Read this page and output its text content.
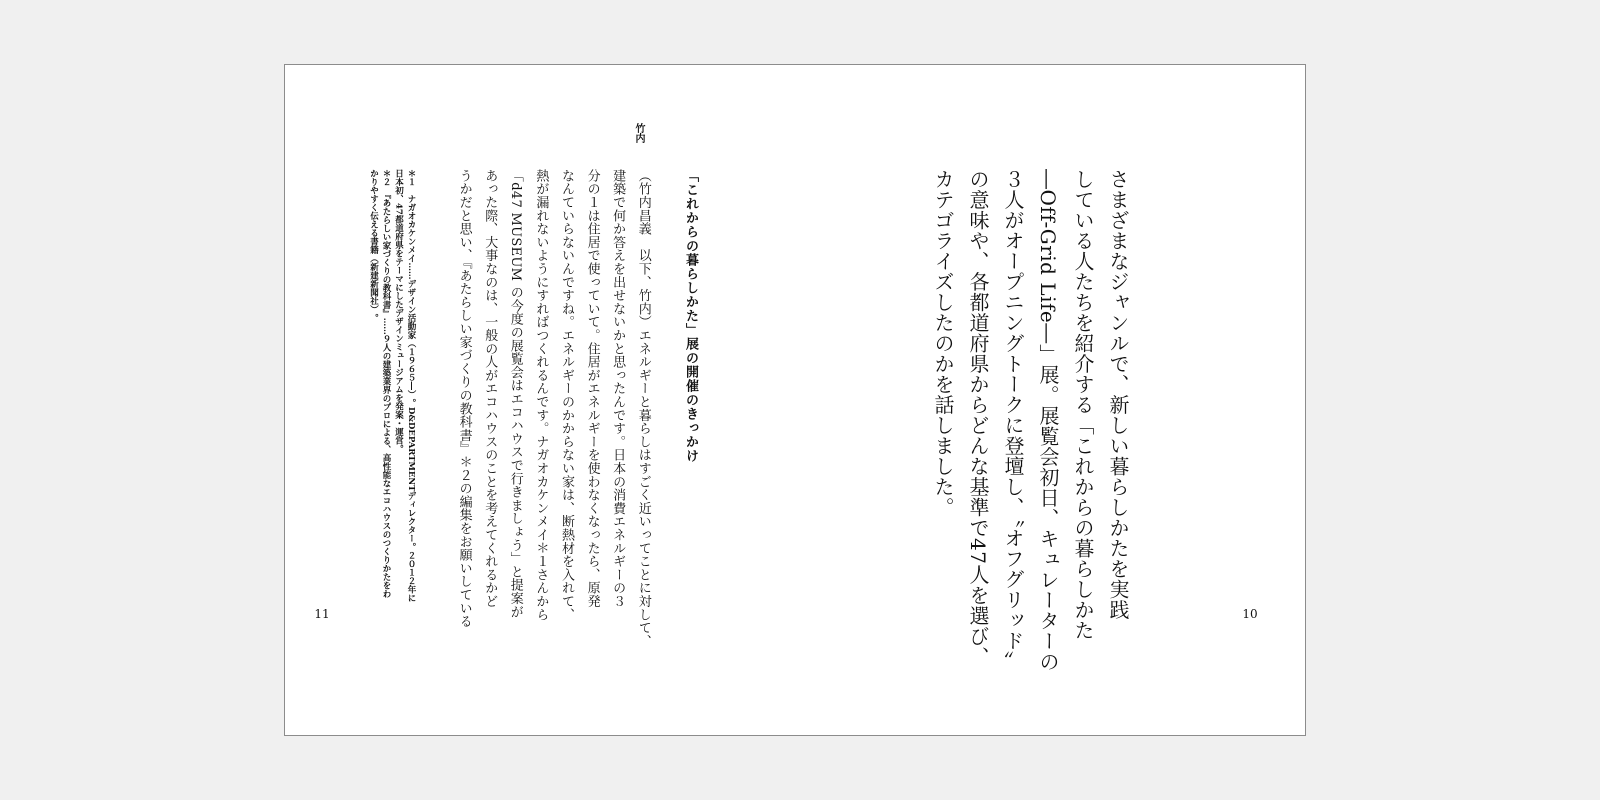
さまざまなジャンルで、新しい暮らしかたを実践
している人たちを紹介する「これからの暮らしかた
―Off-Grid Life―」展。展覧会初日、キュレーターの
３人がオープニングトークに登壇し、〝オフグリッド〟
の意味や、各都道府県からどんな基準で47人を選び、
カテゴライズしたのかを話しました。
10
竹内
「これからの暮らしかた」展の開催のきっかけ
（竹内昌義　以下、竹内）エネルギーと暮らしはすごく近いってことに対して、
建築で何か答えを出せないかと思ったんです。日本の消費エネルギーの３
分の１は住居で使っていて。住居がエネルギーを使わなくなったら、原発
なんていらないんですね。エネルギーのかからない家は、断熱材を入れて、
熱が漏れないようにすればつくれるんです。ナガオカケンメイ＊１さんから
「d47 MUSEUM の今度の展覧会はエコハウスで行きましょう」と提案が
あった際、大事なのは、一般の人がエコハウスのことを考えてくれるかど
うかだと思い、『あたらしい家づくりの教科書』＊２の編集をお願いしている
＊１　ナガオカケンメイ……デザイン活動家（１９６５―）。D&DEPARTMENTディレクター。２０１２年に
日本初、47都道府県をテーマにしたデザインミュージアムを発案・運営。
＊２　『あたらしい家づくりの教科書』……９人の建築業界のプロによる、高性能なエコハウスのつくりかたをわ
かりやすく伝える書籍（新建新聞社）。
11
